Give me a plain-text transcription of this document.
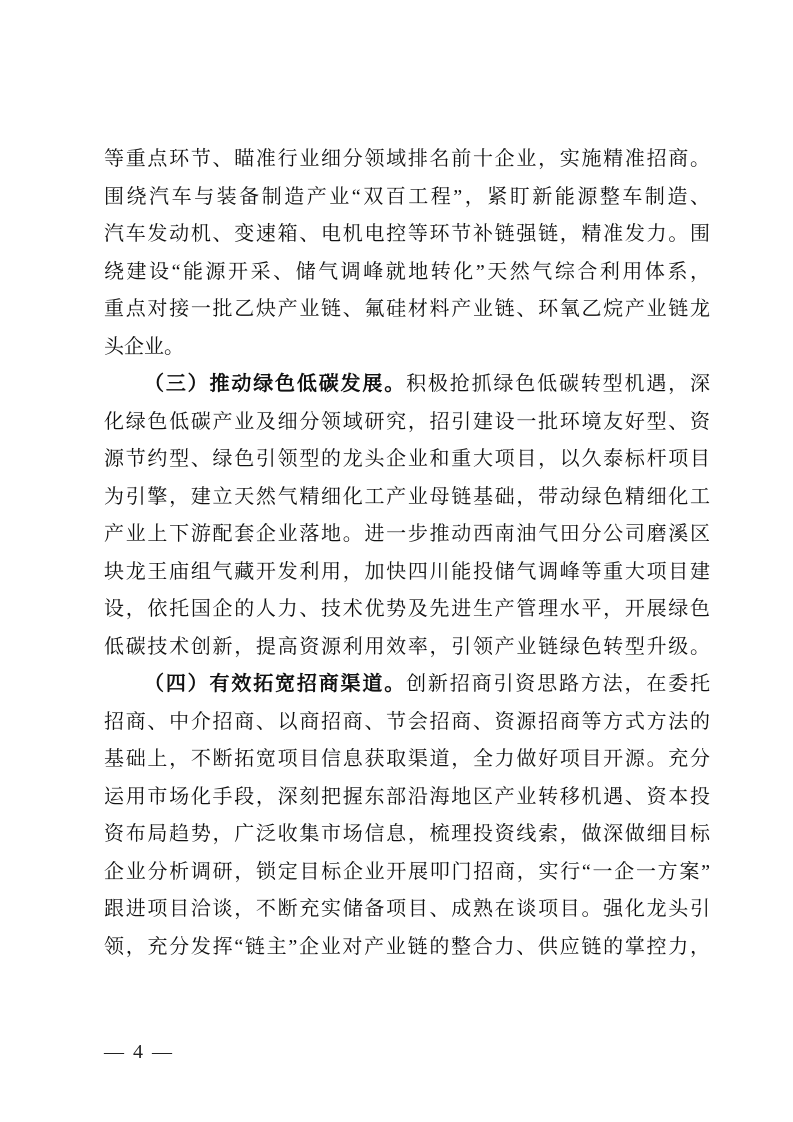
等重点环节、瞄准行业细分领域排名前十企业，实施精准招商。
围绕汽车与装备制造产业“双百工程”，紧盯新能源整车制造、
汽车发动机、变速箱、电机电控等环节补链强链，精准发力。围
绕建设“能源开采、储气调峰就地转化”天然气综合利用体系，
重点对接一批乙炔产业链、氟硅材料产业链、环氧乙烷产业链龙
头企业。
（三）推动绿色低碳发展。积极抢抓绿色低碳转型机遇，深
化绿色低碳产业及细分领域研究，招引建设一批环境友好型、资
源节约型、绿色引领型的龙头企业和重大项目，以久泰标杆项目
为引擎，建立天然气精细化工产业母链基础，带动绿色精细化工
产业上下游配套企业落地。进一步推动西南油气田分公司磨溪区
块龙王庙组气藏开发利用，加快四川能投储气调峰等重大项目建
设，依托国企的人力、技术优势及先进生产管理水平，开展绿色
低碳技术创新，提高资源利用效率，引领产业链绿色转型升级。
（四）有效拓宽招商渠道。创新招商引资思路方法，在委托
招商、中介招商、以商招商、节会招商、资源招商等方式方法的
基础上，不断拓宽项目信息获取渠道，全力做好项目开源。充分
运用市场化手段，深刻把握东部沿海地区产业转移机遇、资本投
资布局趋势，广泛收集市场信息，梳理投资线索，做深做细目标
企业分析调研，锁定目标企业开展叩门招商，实行“一企一方案”
跟进项目洽谈，不断充实储备项目、成熟在谈项目。强化龙头引
领，充分发挥“链主”企业对产业链的整合力、供应链的掌控力，
— 4 —
